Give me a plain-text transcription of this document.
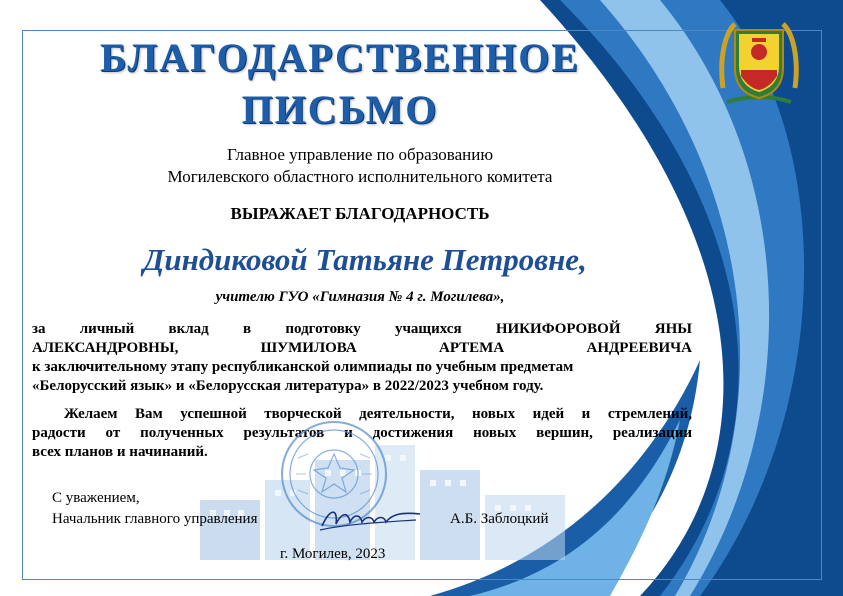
БЛАГОДАРСТВЕННОЕ
ПИСЬМО
Главное управление по образованию
Могилевского областного исполнительного комитета
ВЫРАЖАЕТ БЛАГОДАРНОСТЬ
Диндиковой Татьяне Петровне,
учителю ГУО «Гимназия № 4 г. Могилева»,
за личный вклад в подготовку учащихся НИКИФОРОВОЙ ЯНЫ
АЛЕКСАНДРОВНЫ, ШУМИЛОВА АРТЕМА АНДРЕЕВИЧА
к заключительному этапу республиканской олимпиады по учебным предметам
«Белорусский язык» и «Белорусская литература» в 2022/2023 учебном году.
Желаем Вам успешной творческой деятельности, новых идей и стремлений,
радости от полученных результатов и достижения новых вершин, реализации
всех планов и начинаний.
С уважением,
Начальник главного управления	А.Б. Заблоцкий
г. Могилев, 2023
